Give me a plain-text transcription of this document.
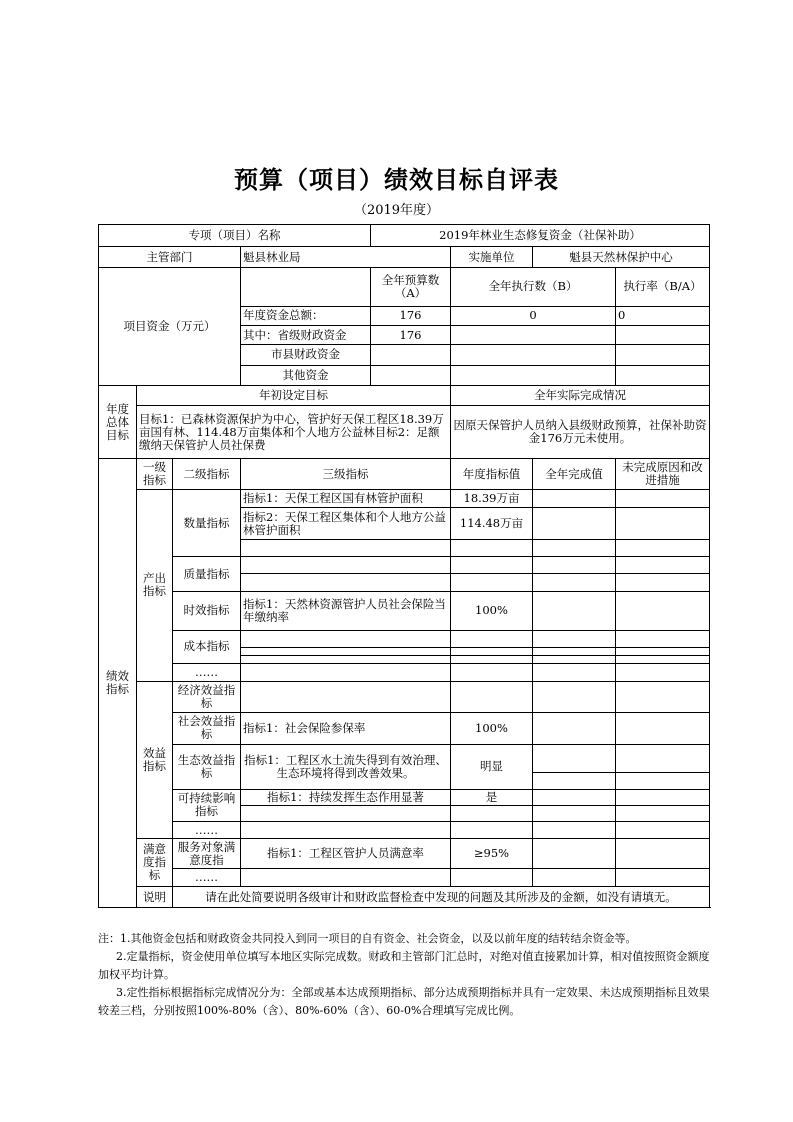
预算（项目）绩效目标自评表
（2019年度）
专项（项目）名称				2019年林业生态修复资金（社保补助）			
主管部门			魁县林业局		实施单位	魁县天然林保护中心	
项目资金（万元）				全年预算数（A）	全年执行数（B）		执行率（B/A）
			年度资金总额：	176	0		0
			其中：省级财政资金	176			
			市县财政资金				
			其他资金				
年度总体目标	年初设定目标				全年实际完成情况		
	目标1：已森林资源保护为中心，管护好天保工程区18.39万亩国有林、114.48万亩集体和个人地方公益林目标2：足额缴纳天保管护人员社保费				因原天保管护人员纳入县级财政预算，社保补助资金176万元未使用。		
绩效指标	一级指标	二级指标	三级指标		年度指标值	全年完成值	未完成原因和改进措施
	产出指标	数量指标	指标1：天保工程区国有林管护面积		18.39万亩		
			指标2：天保工程区集体和个人地方公益林管护面积		114.48万亩		

		质量指标					

		时效指标	指标1：天然林资源管护人员社会保险当年缴纳率		100%		
		成本指标					

		……					
	效益指标	经济效益指标					
		社会效益指标	指标1：社会保险参保率		100%		
		生态效益指标	指标1：工程区水土流失得到有效治理、生态环境将得到改善效果。		明显		

		可持续影响指标	指标1：持续发挥生态作用显著		是		

		……					
	满意度指标	服务对象满意度指	指标1：工程区管护人员满意率		≥95%		
		……					
	说明	请在此处简要说明各级审计和财政监督检查中发现的问题及其所涉及的金额，如没有请填无。					

注：1.其他资金包括和财政资金共同投入到同一项目的自有资金、社会资金，以及以前年度的结转结余资金等。

2.定量指标，资金使用单位填写本地区实际完成数。财政和主管部门汇总时，对绝对值直接累加计算，相对值按照资金额度加权平均计算。

3.定性指标根据指标完成情况分为：全部或基本达成预期指标、部分达成预期指标并具有一定效果、未达成预期指标且效果较差三档，分别按照100%-80%（含）、80%-60%（含）、60-0%合理填写完成比例。
